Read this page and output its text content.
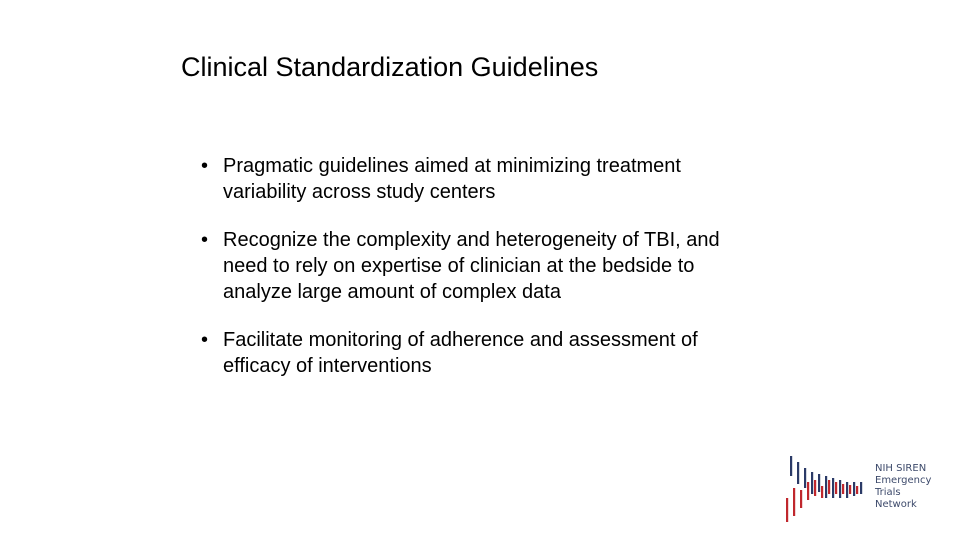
Clinical Standardization Guidelines
• Pragmatic guidelines aimed at minimizing treatment variability across study centers
• Recognize the complexity and heterogeneity of TBI, and need to rely on expertise of clinician at the bedside to analyze large amount of complex data
• Facilitate monitoring of adherence and assessment of efficacy of interventions
NIH SIREN
Emergency
Trials
Network
